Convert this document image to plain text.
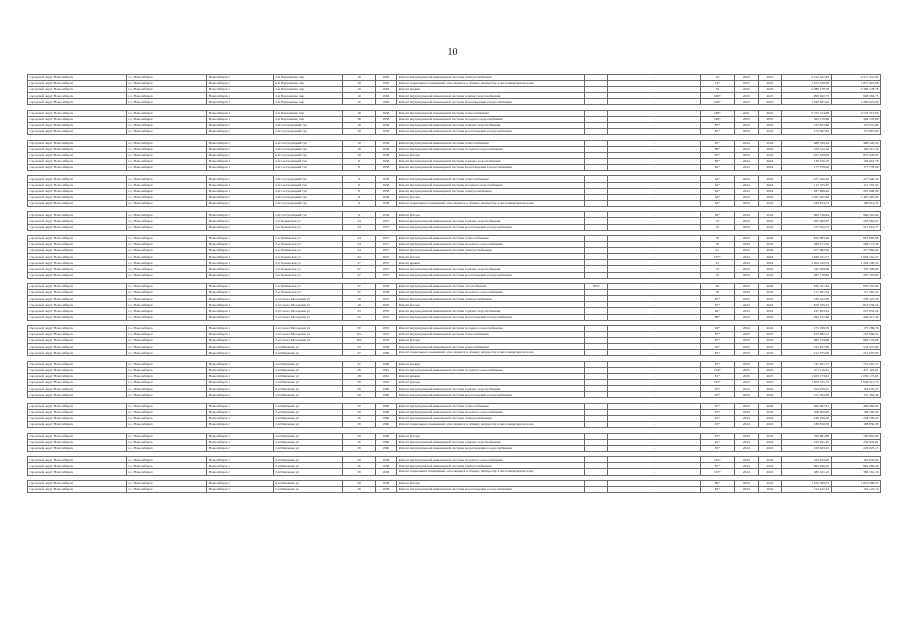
10
городской округ Новосибирск	г.о. Новосибирск	Новосибирск г	2-й Пархоменко пер	10	1963	Ремонт внутридомовой инженерной системы электроснабжения		-	52	2023	2023	2 512 341,83	2 512 341,83
городской округ Новосибирск	г.о. Новосибирск	Новосибирск г	2-й Пархоменко пер	10	1963	Ремонт подвальных помещений, относящихся к общему имуществу в многоквартирном доме		-	74*	2025	2025	1 871 416,98	1 871 416,98
городской округ Новосибирск	г.о. Новосибирск	Новосибирск г	2-й Пархоменко пер	10	1963	Ремонт крыши		-	59	2022	2023	2 380 178,78	2 380 178,78
городской округ Новосибирск	г.о. Новосибирск	Новосибирск г	2-й Пархоменко пер	10	1963	Ремонт внутридомовой инженерной системы горячего водоснабжения		-	169*	2025	2025	998 262,75	998 262,75
городской округ Новосибирск	г.о. Новосибирск	Новосибирск г	2-й Пархоменко пер	10	1963	Ремонт внутридомовой инженерной системы водоотведения и водоснабжения		-	100*	2025	2025	1 290 621,92	1 290 621,92

городской округ Новосибирск	г.о. Новосибирск	Новосибирск г	2-й Пархоменко пер	18	1958	Ремонт внутридомовой инженерной системы теплоснабжения		-	186*	2021	2025	3 723 313,06	3 723 313,06
городской округ Новосибирск	г.о. Новосибирск	Новосибирск г	2-й Пархоменко пер	18	1958	Ремонт внутридомовой инженерной системы холодного водоснабжения		-	160*	2025	2025	364 170,86	364 170,86
городской округ Новосибирск	г.о. Новосибирск	Новосибирск г	2-й Сестрорецкий туп	10	1956	Ремонт внутридомовой инженерной системы горячего водоснабжения		-	85*	2024	2024	125 672,86	125 672,86
городской округ Новосибирск	г.о. Новосибирск	Новосибирск г	2-й Сестрорецкий туп	10	1956	Ремонт внутридомовой инженерной системы водоотведения и водоснабжения		-	85*	2024	2024	175 667,82	175 667,82

городской округ Новосибирск	г.о. Новосибирск	Новосибирск г	2-й Сестрорецкий туп	10	1958	Ремонт внутридомовой инженерной системы теплоснабжения		-	65*	2024	2024	488 529,34	488 529,34
городской округ Новосибирск	г.о. Новосибирск	Новосибирск г	2-й Сестрорецкий туп	10	1958	Ремонт внутридомовой инженерной системы холодного водоснабжения		-	86*	2024	2024	109 312,19	109 312,19
городской округ Новосибирск	г.о. Новосибирск	Новосибирск г	2-й Сестрорецкий туп	10	1958	Ремонт фасада		-	65*	2024	2024	972 520,95	972 520,95
городской округ Новосибирск	г.о. Новосибирск	Новосибирск г	2-й Сестрорецкий туп	8	1958	Ремонт внутридомовой инженерной системы горячего водоснабжения		-	86*	2024	2024	139 016,76	139 016,76
городской округ Новосибирск	г.о. Новосибирск	Новосибирск г	2-й Сестрорецкий туп	8	1958	Ремонт внутридомовой инженерной системы водоотведения и водоснабжения		-	84*	2024	2024	177 778,00	177 778,00

городской округ Новосибирск	г.о. Новосибирск	Новосибирск г	2-й Сестрорецкий туп	8	1958	Ремонт внутридомовой инженерной системы теплоснабжения		-	64*	2024	2024	477 020,32	477 020,32
городской округ Новосибирск	г.о. Новосибирск	Новосибирск г	2-й Сестрорецкий туп	8	1958	Ремонт внутридомовой инженерной системы холодного водоснабжения		-	64*	2024	2024	112 355,65	112 355,65
городской округ Новосибирск	г.о. Новосибирск	Новосибирск г	2-й Сестрорецкий туп	8	1958	Ремонт внутридомовой инженерной системы электроснабжения		-	64*	2024	2024	267 908,49	267 908,49
городской округ Новосибирск	г.о. Новосибирск	Новосибирск г	2-й Сестрорецкий туп	8	1958	Ремонт фасада		-	64*	2024	2024	1 467 497,83	1 467 497,83
городской округ Новосибирск	г.о. Новосибирск	Новосибирск г	2-й Сестрорецкий туп	8	1958	Ремонт подвальных помещений, относящихся к общему имуществу в многоквартирном доме		-	64*	2024	2024	199 614,72	199 614,72

городской округ Новосибирск	г.о. Новосибирск	Новосибирск г	2-й Сестрорецкий туп	8	1958	Ремонт фасада		-	94*	2024	2024	969 518,94	969 518,94
городской округ Новосибирск	г.о. Новосибирск	Новосибирск г	2-я Тюменская ул	24	1957	Ремонт внутридомовой инженерной системы горячего водоснабжения		-	70	2024	2024	265 062,67	265 062,67
городской округ Новосибирск	г.о. Новосибирск	Новосибирск г	2-я Тюменская ул	24	1957	Ремонт внутридомовой инженерной системы водоотведения и водоснабжения		-	70	2024	2024	517 012,77	517 012,77

городской округ Новосибирск	г.о. Новосибирск	Новосибирск г	2-я Тюменская ул	24	1957	Ремонт внутридомовой инженерной системы теплоснабжения		-	70	2024	2024	816 985,68	816 985,68
городской округ Новосибирск	г.о. Новосибирск	Новосибирск г	2-я Тюменская ул	24	1957	Ремонт внутридомовой инженерной системы холодного водоснабжения		-	70	2024	2024	268 171,30	268 171,30
городской округ Новосибирск	г.о. Новосибирск	Новосибирск г	2-я Тюменская ул	24	1957	Ремонт внутридомовой инженерной системы электроснабжения		-	61	2024	2024	477 982,09	477 982,09
городской округ Новосибирск	г.о. Новосибирск	Новосибирск г	2-я Тюменская ул	24	1957	Ремонт фасада		-	107*	2024	2024	1 649 191,27	1 649 191,27
городской округ Новосибирск	г.о. Новосибирск	Новосибирск г	2-я Тюменская ул	37	1957	Ремонт крыши		-	61	2024	2024	1 564 190,54	1 564 190,54
городской округ Новосибирск	г.о. Новосибирск	Новосибирск г	2-я Тюменская ул	37	1957	Ремонт внутридомовой инженерной системы горячего водоснабжения		-	70	2024	2024	332 509,69	332 509,69
городской округ Новосибирск	г.о. Новосибирск	Новосибирск г	2-я Тюменская ул	37	1957	Ремонт внутридомовой инженерной системы водоотведения и водоснабжения		-	70	2024	2024	287 718,82	287 718,82

городской округ Новосибирск	г.о. Новосибирск	Новосибирск г	2-я Тюменская ул	37	1958	Ремонт внутридомовой инженерной системы газоснабжения	2003	-	60	2024	2024	830 161,84	830 161,84
городской округ Новосибирск	г.о. Новосибирск	Новосибирск г	2-я Тюменская ул	37	1958	Ремонт внутридомовой инженерной системы холодного водоснабжения		-	70	2024	2024	171 261,54	171 261,54
городской округ Новосибирск	г.о. Новосибирск	Новосибирск г	2-я Союза Молодежи ул	19	1955	Ремонт внутридомовой инженерной системы электроснабжения		-	87*	2025	2025	239 322,36	239 322,36
городской округ Новосибирск	г.о. Новосибирск	Новосибирск г	2-я Союза Молодежи ул	19	1955	Ремонт фасада		-	87*	2025	2025	816 559,52	816 559,52
городской округ Новосибирск	г.о. Новосибирск	Новосибирск г	2-я Союза Молодежи ул	25	1955	Ремонт внутридомовой инженерной системы горячего водоснабжения		-	84*	2024	2024	227 653,24	227 653,24
городской округ Новосибирск	г.о. Новосибирск	Новосибирск г	2-я Союза Молодежи ул	25	1955	Ремонт внутридомовой инженерной системы водоотведения и водоснабжения		-	89*	2024	2024	294 317,40	294 317,40

городской округ Новосибирск	г.о. Новосибирск	Новосибирск г	2-я Союза Молодежи ул	30	1955	Ремонт внутридомовой инженерной системы холодного водоснабжения		-	94*	2024	2024	175 189,76	175 189,76
городской округ Новосибирск	г.о. Новосибирск	Новосибирск г	2-я Союза Молодежи ул	30а	1955	Ремонт внутридомовой инженерной системы теплоснабжения		-	87*	2025	2025	255 082,21	255 082,21
городской округ Новосибирск	г.о. Новосибирск	Новосибирск г	2-я Союза Молодежи ул	30а	1955	Ремонт фасада		-	87*	2025	2025	982 724,68	982 724,68
городской округ Новосибирск	г.о. Новосибирск	Новосибирск г	2-я Шевченко ул	23	1956	Ремонт внутридомовой инженерной системы теплоснабжения		-	94*	2025	2025	534 057,69	534 057,69
городской округ Новосибирск	г.о. Новосибирск	Новосибирск г	2-я Шевченко ул	27	1960	Ремонт подвальных помещений, относящихся к общему имуществу в многоквартирном доме		-	83*	2025	2025	212 675,00	212 675,00

городской округ Новосибирск	г.о. Новосибирск	Новосибирск г	2-я Шевченко ул	27	1960	Ремонт крыши		-	83*	2025	2025	731 201,17	731 201,17
городской округ Новосибирск	г.о. Новосибирск	Новосибирск г	2-я Шевченко ул	28	1961	Ремонт внутридомовой инженерной системы холодного водоснабжения		-	103*	2025	2025	471 116,61	471 116,61
городской округ Новосибирск	г.о. Новосибирск	Новосибирск г	2-я Шевченко ул	28	1961	Ремонт крыши		-	81*	2025	2025	1 659 173,63	1 659 173,63
городской округ Новосибирск	г.о. Новосибирск	Новосибирск г	2-я Шевченко ул	28	1961	Ремонт фасада		-	103*	2025	2025	1 009 315,75	1 009 315,75
городской округ Новосибирск	г.о. Новосибирск	Новосибирск г	2-я Шевченко ул	30	1960	Ремонт внутридомовой инженерной системы горячего водоснабжения		-	93*	2024	2024	104 070,27	104 070,27
городской округ Новосибирск	г.о. Новосибирск	Новосибирск г	2-я Шевченко ул	30	1960	Ремонт внутридомовой инженерной системы водоотведения и водоснабжения		-	93*	2024	2024	151 364,39	151 364,39

городской округ Новосибирск	г.о. Новосибирск	Новосибирск г	2-я Шевченко ул	30	1960	Ремонт внутридомовой инженерной системы теплоснабжения		-	65*	2024	2024	499 992,81	499 992,81
городской округ Новосибирск	г.о. Новосибирск	Новосибирск г	2-я Шевченко ул	30	1960	Ремонт внутридомовой инженерной системы холодного водоснабжения		-	93*	2024	2024	108 200,00	108 200,00
городской округ Новосибирск	г.о. Новосибирск	Новосибирск г	2-я Шевченко ул	30	1960	Ремонт внутридомовой инженерной системы электроснабжения		-	65*	2024	2024	238 799,50	238 799,50
городской округ Новосибирск	г.о. Новосибирск	Новосибирск г	2-я Шевченко ул	30	1960	Ремонт подвальных помещений, относящихся к общему имуществу в многоквартирном доме		-	93*	2024	2024	188 850,38	188 850,38

городской округ Новосибирск	г.о. Новосибирск	Новосибирск г	2-я Шевченко ул	30	1960	Ремонт фасада		-	93*	2024	2024	790 861,80	790 861,80
городской округ Новосибирск	г.о. Новосибирск	Новосибирск г	2-я Шевченко ул	30	1960	Ремонт внутридомовой инженерной системы горячего водоснабжения		-	65*	2024	2024	232 941,81	232 941,81
городской округ Новосибирск	г.о. Новосибирск	Новосибирск г	2-я Шевченко ул	30	1960	Ремонт внутридомовой инженерной системы водоотведения и водоснабжения		-	65*	2024	2024	229 023,15	229 023,15

городской округ Новосибирск	г.о. Новосибирск	Новосибирск г	2-я Шевченко ул	30	1958	Ремонт внутридомовой инженерной системы холодного водоснабжения		-	105*	2024	2024	163 676,00	163 676,00
городской округ Новосибирск	г.о. Новосибирск	Новосибирск г	2-я Шевченко ул	30	1958	Ремонт внутридомовой инженерной системы электроснабжения		-	85*	2024	2024	962 266,20	962 266,20
городской округ Новосибирск	г.о. Новосибирск	Новосибирск г	2-я Шевченко ул	30	1958	Ремонт подвальных помещений, относящихся к общему имуществу в многоквартирном доме		-	105*	2024	2024	386 161,16	386 161,16

городской округ Новосибирск	г.о. Новосибирск	Новосибирск г	2-я Шевченко ул	30	1958	Ремонт фасада		-	89*	2024	2024	1 816 399,53	1 816 399,53
городской округ Новосибирск	г.о. Новосибирск	Новосибирск г	2-я Шевченко ул	30	1958	Ремонт внутридомовой инженерной системы водоотведения и водоснабжения		-	84*	2024	2024	154 122,14	154 122,14
